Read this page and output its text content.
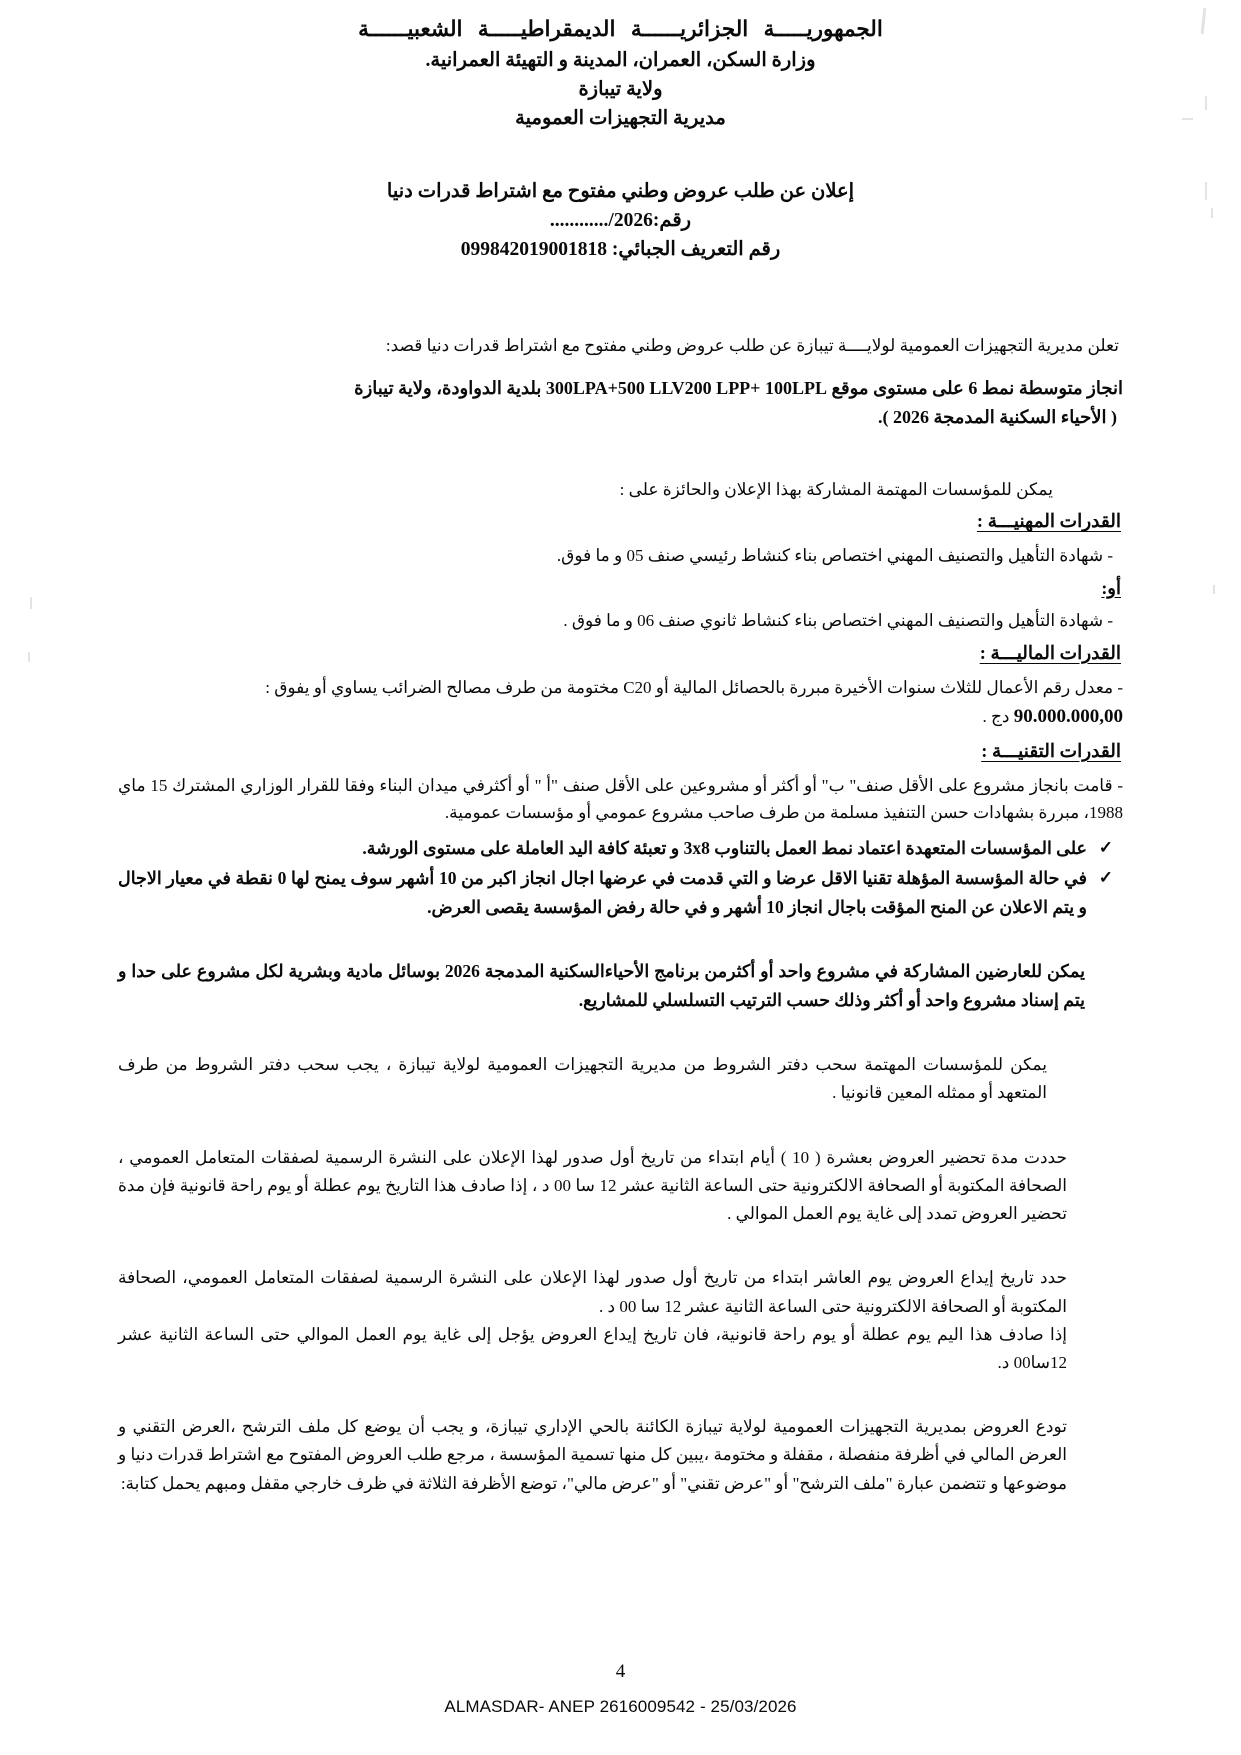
الجمهوريـــــة الجزائريــــــة الديمقراطيـــــة الشعبيــــــة
وزارة السكن، العمران، المدينة و التهيئة العمرانية.
ولاية تيبازة
مديرية التجهيزات العمومية
إعلان عن طلب عروض وطني مفتوح مع اشتراط قدرات دنيا
رقم:............/2026
رقم التعريف الجبائي: 099842019001818

تعلن مديرية التجهيزات العمومية لولايــــة تيبازة عن طلب عروض وطني مفتوح مع اشتراط قدرات دنيا قصد:

انجاز متوسطة نمط 6 على مستوى موقع 300LPA+500 LLV200 LPP+ 100LPL بلدية الدواودة، ولاية تيبازة

( الأحياء السكنية المدمجة 2026 ).

يمكن للمؤسسات المهتمة المشاركة بهذا الإعلان والحائزة على :

القدرات المهنيـــة :

- شهادة التأهيل والتصنيف المهني اختصاص بناء كنشاط رئيسي صنف 05 و ما فوق.

أو:

- شهادة التأهيل والتصنيف المهني اختصاص بناء كنشاط ثانوي صنف 06 و ما فوق .

القدرات الماليـــة :

- معدل رقم الأعمال للثلاث سنوات الأخيرة مبررة بالحصائل المالية أو C20 مختومة من طرف مصالح الضرائب يساوي أو يفوق :

90.000.000,00 دج .

القدرات التقنيـــة :

- قامت بانجاز مشروع على الأقل صنف" ب" أو أكثر أو مشروعين على الأقل صنف "أ " أو أكثرفي ميدان البناء وفقا للقرار الوزاري المشترك 15 ماي 1988، مبررة بشهادات حسن التنفيذ مسلمة من طرف صاحب مشروع عمومي أو مؤسسات عمومية.

✓
على المؤسسات المتعهدة اعتماد نمط العمل بالتناوب 3x8 و تعبئة كافة اليد العاملة على مستوى الورشة.

✓
في حالة المؤسسة المؤهلة تقنيا الاقل عرضا و التي قدمت في عرضها اجال انجاز اكبر من 10 أشهر سوف يمنح لها 0 نقطة في معيار الاجال و يتم الاعلان عن المنح المؤقت باجال انجاز 10 أشهر و في حالة رفض المؤسسة يقصى العرض.

يمكن للعارضين المشاركة في مشروع واحد أو أكثرمن برنامج الأحياءالسكنية المدمجة 2026 بوسائل مادية وبشرية لكل مشروع على حدا و يتم إسناد مشروع واحد أو أكثر وذلك حسب الترتيب التسلسلي للمشاريع.

يمكن للمؤسسات المهتمة سحب دفتر الشروط من مديرية التجهيزات العمومية لولاية تيبازة ، يجب سحب دفتر الشروط من طرف المتعهد أو ممثله المعين قانونيا .

حددت مدة تحضير العروض بعشرة ( 10 ) أيام ابتداء من تاريخ أول صدور لهذا الإعلان على النشرة الرسمية لصفقات المتعامل العمومي ، الصحافة المكتوبة أو الصحافة الالكترونية حتى الساعة الثانية عشر 12 سا 00 د ، إذا صادف هذا التاريخ يوم عطلة أو يوم راحة قانونية فإن مدة تحضير العروض تمدد إلى غاية يوم العمل الموالي .

حدد تاريخ إيداع العروض يوم العاشر ابتداء من تاريخ أول صدور لهذا الإعلان على النشرة الرسمية لصفقات المتعامل العمومي، الصحافة المكتوبة أو الصحافة الالكترونية حتى الساعة الثانية عشر 12 سا 00 د .

إذا صادف هذا اليم يوم عطلة أو يوم راحة قانونية، فان تاريخ إيداع العروض يؤجل إلى غاية يوم العمل الموالي حتى الساعة الثانية عشر 12سا00 د.

تودع العروض بمديرية التجهيزات العمومية لولاية تيبازة الكائنة بالحي الإداري تيبازة، و يجب أن يوضع كل ملف الترشح ،العرض التقني و العرض المالي في أظرفة منفصلة ، مقفلة و مختومة ،يبين كل منها تسمية المؤسسة ، مرجع طلب العروض المفتوح مع اشتراط قدرات دنيا و موضوعها و تتضمن عبارة "ملف الترشح" أو "عرض تقني" أو "عرض مالي"، توضع الأظرفة الثلاثة في ظرف خارجي مقفل ومبهم يحمل كتابة:

4
ALMASDAR- ANEP 2616009542 - 25/03/2026
